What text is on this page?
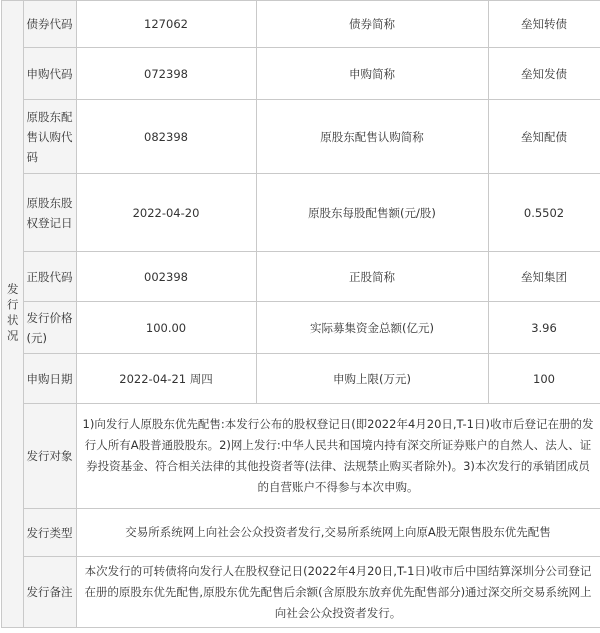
发行状况	债券代码	127062	债券简称	垒知转债
	申购代码	072398	申购简称	垒知发债
	原股东配售认购代码	082398	原股东配售认购简称	垒知配债
	原股东股权登记日	2022-04-20	原股东每股配售额(元/股)	0.5502
	正股代码	002398	正股简称	垒知集团
	发行价格(元)	100.00	实际募集资金总额(亿元)	3.96
	申购日期	2022-04-21 周四	申购上限(万元)	100
	发行对象	1)向发行人原股东优先配售:本发行公布的股权登记日(即2022年4月20日,T-1日)收市后登记在册的发行人所有A股普通股股东。2)网上发行:中华人民共和国境内持有深交所证券账户的自然人、法人、证券投资基金、符合相关法律的其他投资者等(法律、法规禁止购买者除外)。3)本次发行的承销团成员的自营账户不得参与本次申购。		
	发行类型	交易所系统网上向社会公众投资者发行,交易所系统网上向原A股无限售股东优先配售		
	发行备注	本次发行的可转债将向发行人在股权登记日(2022年4月20日,T-1日)收市后中国结算深圳分公司登记在册的原股东优先配售,原股东优先配售后余额(含原股东放弃优先配售部分)通过深交所交易系统网上向社会公众投资者发行。		
